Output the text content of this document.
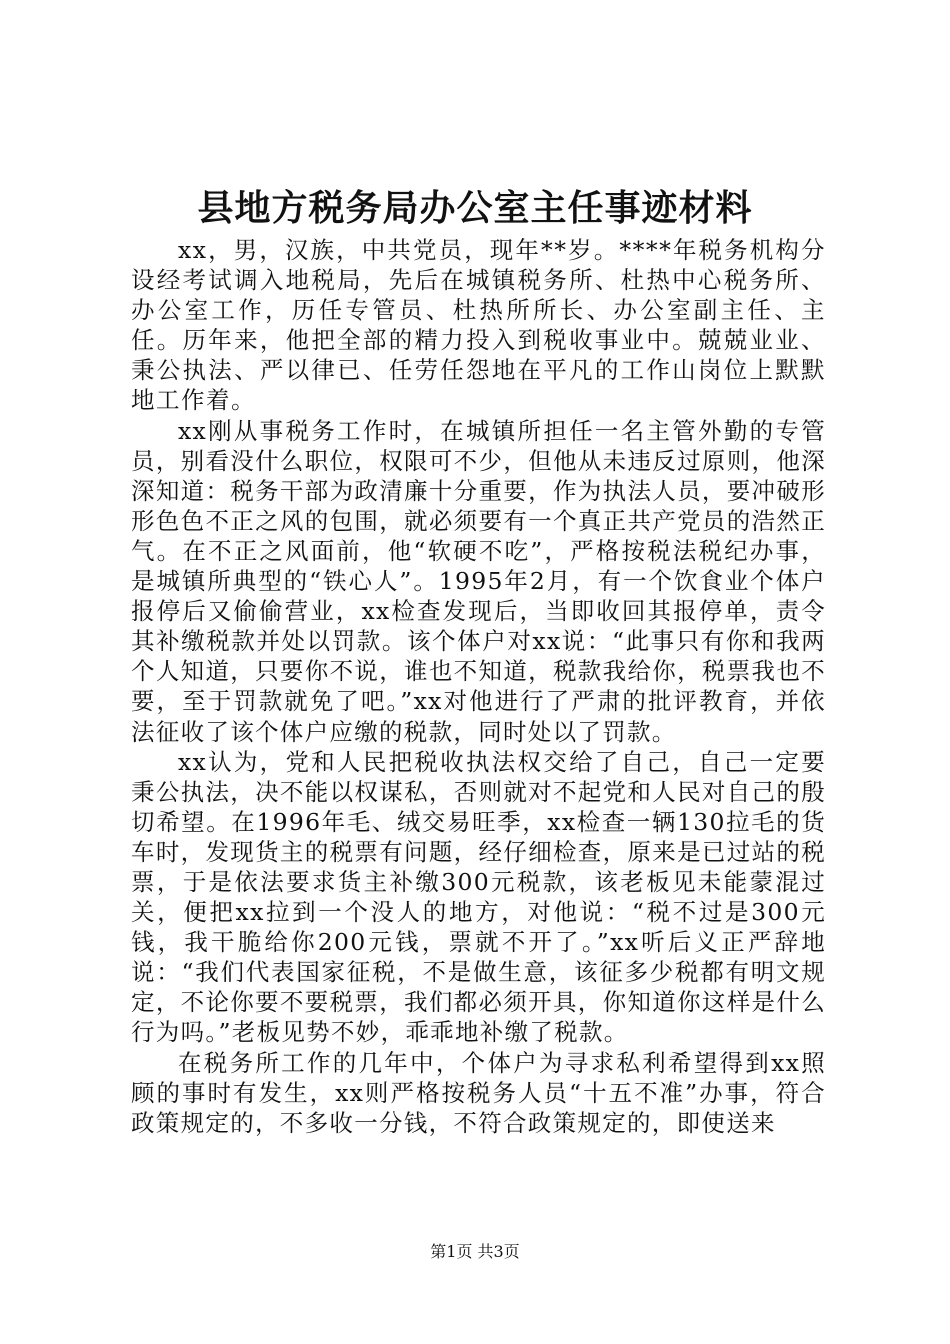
县地方税务局办公室主任事迹材料

xx，男，汉族，中共党员，现年**岁。****年税务机构分设经考试调入地税局，先后在城镇税务所、杜热中心税务所、办公室工作，历任专管员、杜热所所长、办公室副主任、主任。历年来，他把全部的精力投入到税收事业中。兢兢业业、秉公执法、严以律已、任劳任怨地在平凡的工作山岗位上默默地工作着。

xx刚从事税务工作时，在城镇所担任一名主管外勤的专管员，别看没什么职位，权限可不少，但他从未违反过原则，他深深知道：税务干部为政清廉十分重要，作为执法人员，要冲破形形色色不正之风的包围，就必须要有一个真正共产党员的浩然正气。在不正之风面前，他“软硬不吃”，严格按税法税纪办事，是城镇所典型的“铁心人”。1995年2月，有一个饮食业个体户报停后又偷偷营业，xx检查发现后，当即收回其报停单，责令其补缴税款并处以罚款。该个体户对xx说：“此事只有你和我两个人知道，只要你不说，谁也不知道，税款我给你，税票我也不要，至于罚款就免了吧。”xx对他进行了严肃的批评教育，并依法征收了该个体户应缴的税款，同时处以了罚款。

xx认为，党和人民把税收执法权交给了自己，自己一定要秉公执法，决不能以权谋私，否则就对不起党和人民对自己的殷切希望。在1996年毛、绒交易旺季，xx检查一辆130拉毛的货车时，发现货主的税票有问题，经仔细检查，原来是已过站的税票，于是依法要求货主补缴300元税款，该老板见未能蒙混过关，便把xx拉到一个没人的地方，对他说：“税不过是300元钱，我干脆给你200元钱，票就不开了。”xx听后义正严辞地说：“我们代表国家征税，不是做生意，该征多少税都有明文规定，不论你要不要税票，我们都必须开具，你知道你这样是什么行为吗。”老板见势不妙，乖乖地补缴了税款。

在税务所工作的几年中，个体户为寻求私利希望得到xx照顾的事时有发生，xx则严格按税务人员“十五不准”办事，符合政策规定的，不多收一分钱，不符合政策规定的，即使送来

第1页 共3页
